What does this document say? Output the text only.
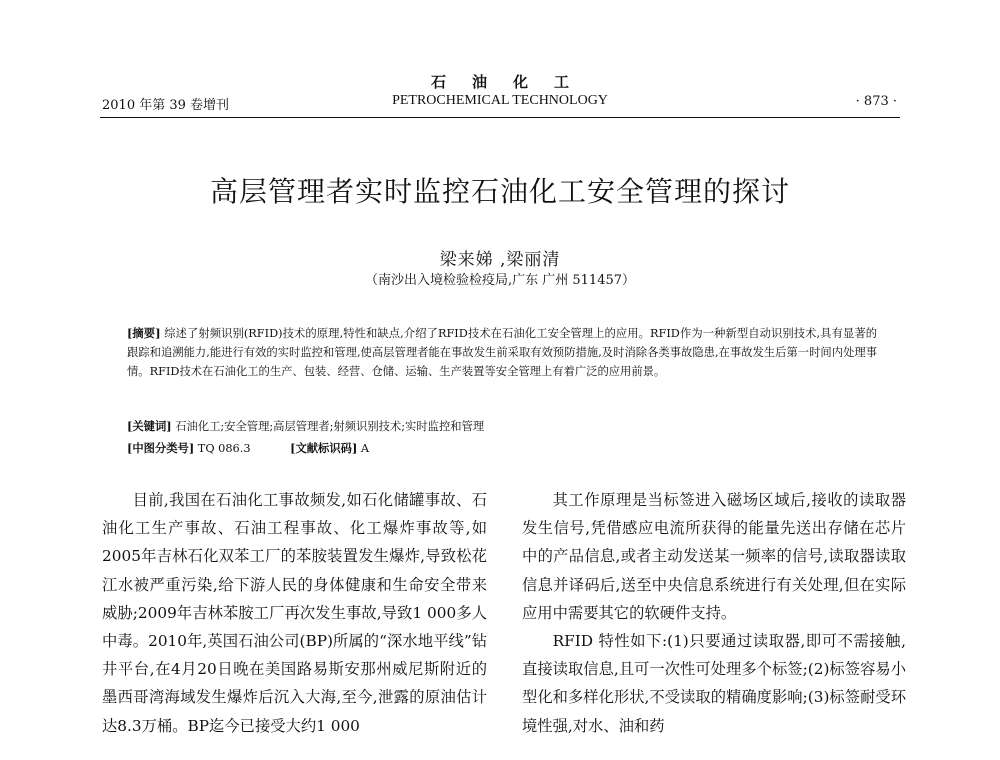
石油化工
2010 年第 39 卷增刊	PETROCHEMICAL TECHNOLOGY	· 873 ·
高层管理者实时监控石油化工安全管理的探讨
梁来娣 ,梁丽清
（南沙出入境检验检疫局,广东 广州 511457）

[摘要] 综述了射频识别(RFID)技术的原理,特性和缺点,介绍了RFID技术在石油化工安全管理上的应用。RFID作为一种新型自动识别技术,具有显著的跟踪和追溯能力,能进行有效的实时监控和管理,使高层管理者能在事故发生前采取有效预防措施,及时消除各类事故隐患,在事故发生后第一时间内处理事情。RFID技术在石油化工的生产、包装、经营、仓储、运输、生产装置等安全管理上有着广泛的应用前景。

[关键词] 石油化工;安全管理;高层管理者;射频识别技术;实时监控和管理
[中图分类号] TQ 086.3	[文献标识码] A

目前,我国在石油化工事故频发,如石化储罐事故、石油化工生产事故、石油工程事故、化工爆炸事故等,如2005年吉林石化双苯工厂的苯胺装置发生爆炸,导致松花江水被严重污染,给下游人民的身体健康和生命安全带来威胁;2009年吉林苯胺工厂再次发生事故,导致1 000多人中毒。2010年,英国石油公司(BP)所属的“深水地平线”钻井平台,在4月20日晚在美国路易斯安那州威尼斯附近的墨西哥湾海域发生爆炸后沉入大海,至今,泄露的原油估计达8.3万桶。BP迄今已接受大约1 000

其工作原理是当标签进入磁场区域后,接收的读取器发生信号,凭借感应电流所获得的能量先送出存储在芯片中的产品信息,或者主动发送某一频率的信号,读取器读取信息并译码后,送至中央信息系统进行有关处理,但在实际应用中需要其它的软硬件支持。

RFID 特性如下:(1)只要通过读取器,即可不需接触,直接读取信息,且可一次性可处理多个标签;(2)标签容易小型化和多样化形状,不受读取的精确度影响;(3)标签耐受环境性强,对水、油和药
